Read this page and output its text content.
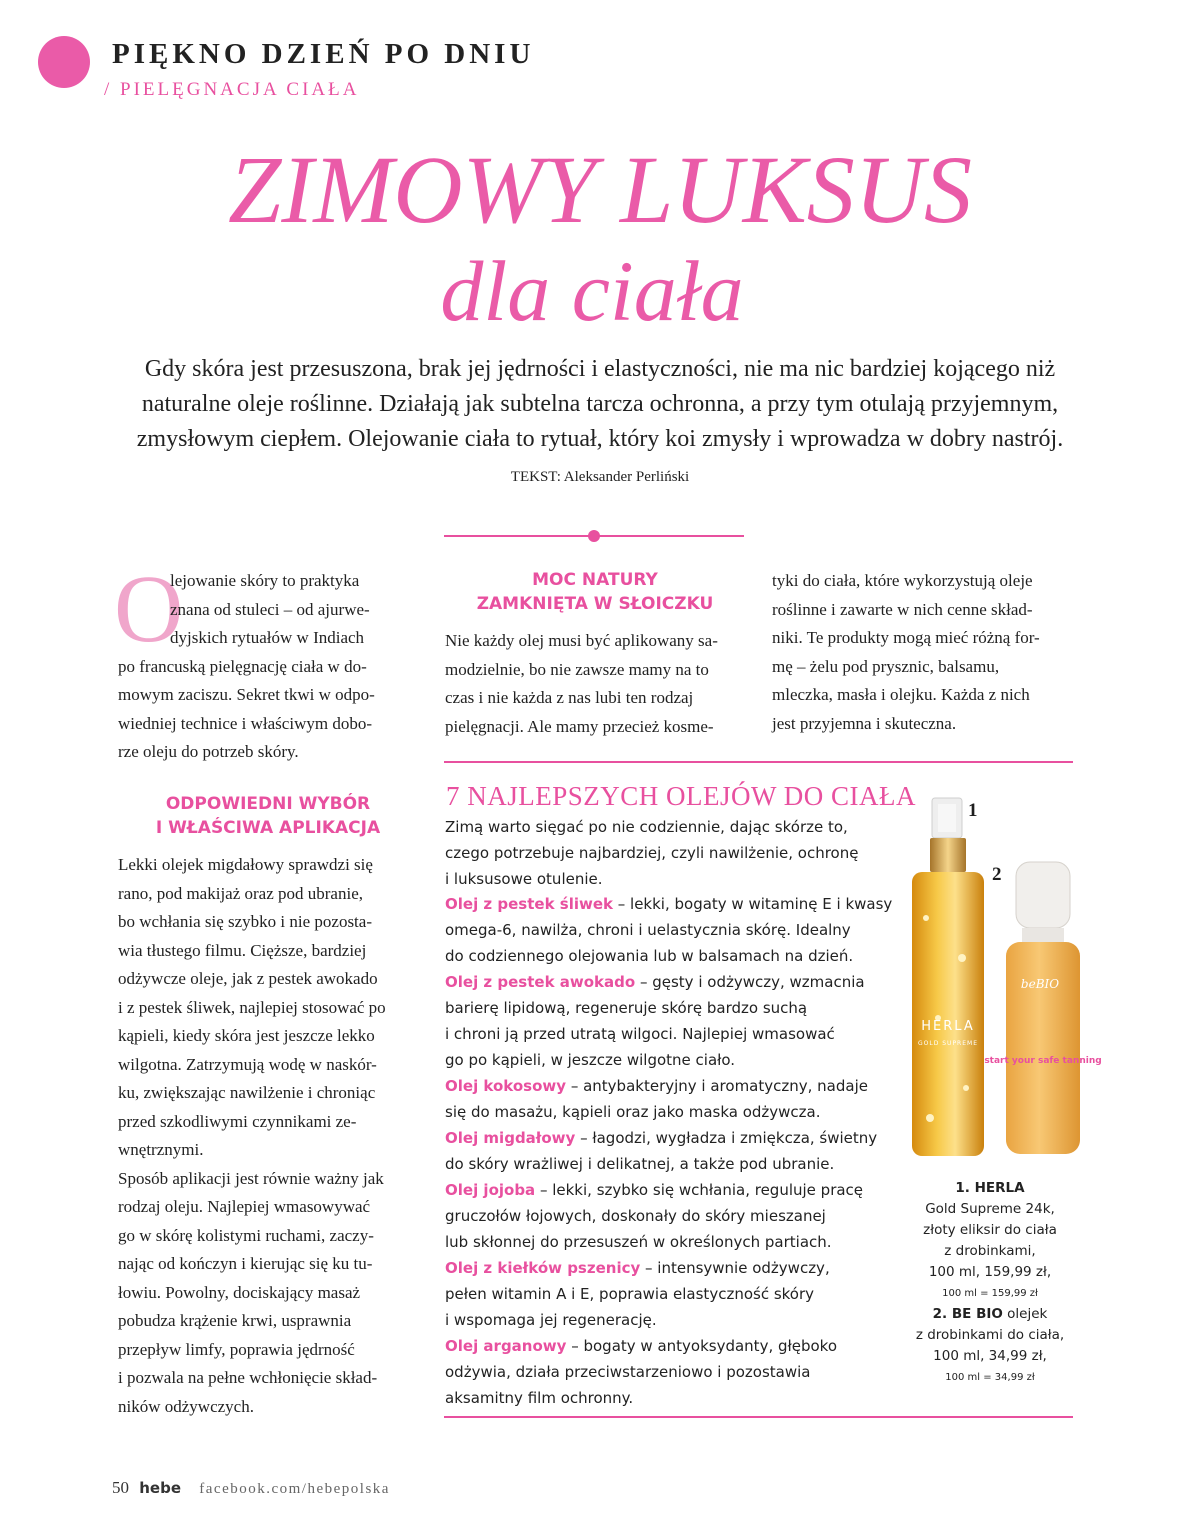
PIĘKNO DZIEŃ PO DNIU
/ PIELĘGNACJA CIAŁA
ZIMOWY LUKSUS
dla ciała
Gdy skóra jest przesuszona, brak jej jędrności i elastyczności, nie ma nic bardziej kojącego niż naturalne oleje roślinne. Działają jak subtelna tarcza ochronna, a przy tym otulają przyjemnym, zmysłowym ciepłem. Olejowanie ciała to rytuał, który koi zmysły i wprowadza w dobry nastrój. TEKST: Aleksander Perliński
O
lejowanie skóry to praktyka
znana od stuleci – od ajurwe-
dyjskich rytuałów w Indiach
po francuską pielęgnację ciała w do-
mowym zaciszu. Sekret tkwi w odpo-
wiedniej technice i właściwym dobo-
rze oleju do potrzeb skóry.
ODPOWIEDNI WYBÓR
I WŁAŚCIWA APLIKACJA
Lekki olejek migdałowy sprawdzi się
rano, pod makijaż oraz pod ubranie,
bo wchłania się szybko i nie pozosta-
wia tłustego filmu. Cięższe, bardziej
odżywcze oleje, jak z pestek awokado
i z pestek śliwek, najlepiej stosować po
kąpieli, kiedy skóra jest jeszcze lekko
wilgotna. Zatrzymują wodę w naskór-
ku, zwiększając nawilżenie i chroniąc
przed szkodliwymi czynnikami ze-
wnętrznymi.
Sposób aplikacji jest równie ważny jak
rodzaj oleju. Najlepiej wmasowywać
go w skórę kolistymi ruchami, zaczy-
nając od kończyn i kierując się ku tu-
łowiu. Powolny, dociskający masaż
pobudza krążenie krwi, usprawnia
przepływ limfy, poprawia jędrność
i pozwala na pełne wchłonięcie skład-
ników odżywczych.
MOC NATURY
ZAMKNIĘTA W SŁOICZKU
Nie każdy olej musi być aplikowany sa-
modzielnie, bo nie zawsze mamy na to
czas i nie każda z nas lubi ten rodzaj
pielęgnacji. Ale mamy przecież kosme-
tyki do ciała, które wykorzystują oleje
roślinne i zawarte w nich cenne skład-
niki. Te produkty mogą mieć różną for-
mę – żelu pod prysznic, balsamu,
mleczka, masła i olejku. Każda z nich
jest przyjemna i skuteczna.
7 NAJLEPSZYCH OLEJÓW DO CIAŁA
Zimą warto sięgać po nie codziennie, dając skórze to,
czego potrzebuje najbardziej, czyli nawilżenie, ochronę
i luksusowe otulenie.
Olej z pestek śliwek – lekki, bogaty w witaminę E i kwasy
omega-6, nawilża, chroni i uelastycznia skórę. Idealny
do codziennego olejowania lub w balsamach na dzień.
Olej z pestek awokado – gęsty i odżywczy, wzmacnia
barierę lipidową, regeneruje skórę bardzo suchą
i chroni ją przed utratą wilgoci. Najlepiej wmasować
go po kąpieli, w jeszcze wilgotne ciało.
Olej kokosowy – antybakteryjny i aromatyczny, nadaje
się do masażu, kąpieli oraz jako maska odżywcza.
Olej migdałowy – łagodzi, wygładza i zmiękcza, świetny
do skóry wrażliwej i delikatnej, a także pod ubranie.
Olej jojoba – lekki, szybko się wchłania, reguluje pracę
gruczołów łojowych, doskonały do skóry mieszanej
lub skłonnej do przesuszeń w określonych partiach.
Olej z kiełków pszenicy – intensywnie odżywczy,
pełen witamin A i E, poprawia elastyczność skóry
i wspomaga jej regenerację.
Olej arganowy – bogaty w antyoksydanty, głęboko
odżywia, działa przeciwstarzeniowo i pozostawia
aksamitny film ochronny.
1
2
HERLA
GOLD SUPREME
beBIO
start your safe tanning
1. HERLA
Gold Supreme 24k,
złoty eliksir do ciała
z drobinkami,
100 ml, 159,99 zł,
100 ml = 159,99 zł
2. BE BIO olejek
z drobinkami do ciała,
100 ml, 34,99 zł,
100 ml = 34,99 zł
50 hebe facebook.com/hebepolska
